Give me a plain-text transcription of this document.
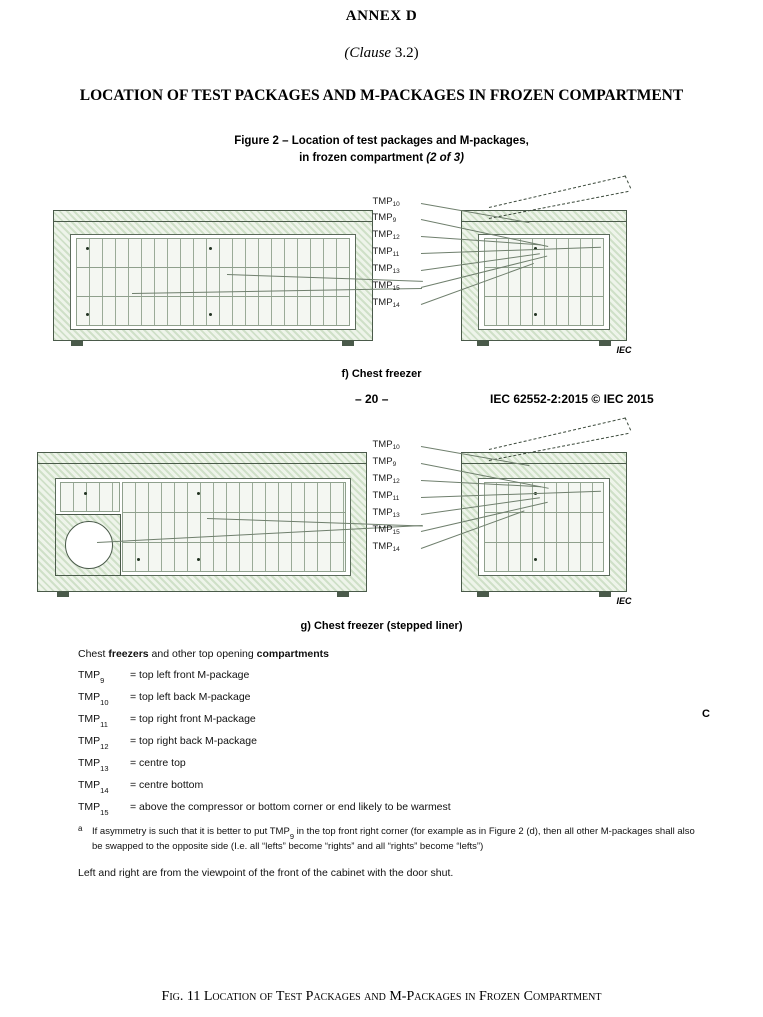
ANNEX D
(Clause 3.2)
LOCATION OF TEST PACKAGES AND M-PACKAGES IN FROZEN COMPARTMENT
Figure 2 – Location of test packages and M-packages,
in frozen compartment (2 of 3)
$TMP_{10}$
$TMP_9$
$TMP_{12}$
$TMP_{11}$
$TMP_{13}$
$TMP_{15}$
$TMP_{14}$
IEC
f) Chest freezer
– 20 –	IEC 62552-2:2015 © IEC 2015
$TMP_{10}$
$TMP_9$
$TMP_{12}$
$TMP_{11}$
$TMP_{13}$
$TMP_{15}$
$TMP_{14}$
IEC
g) Chest freezer (stepped liner)
C
Chest freezers and other top opening compartments
$TMP_9$ = top left front M-package
$TMP_{10}$ = top left back M-package
$TMP_{11}$ = top right front M-package
$TMP_{12}$ = top right back M-package
$TMP_{13}$ = centre top
$TMP_{14}$ = centre bottom
$TMP_{15}$ = above the compressor or bottom corner or end likely to be warmest
a If asymmetry is such that it is better to put $TMP_9$ in the top front right corner (for example as in Figure 2 (d), then all other M-packages shall also be swapped to the opposite side (I.e. all “lefts” become “rights” and all “rights” become “lefts”)
Left and right are from the viewpoint of the front of the cabinet with the door shut.
Fig. 11 Location of Test Packages and M-Packages in Frozen Compartment
